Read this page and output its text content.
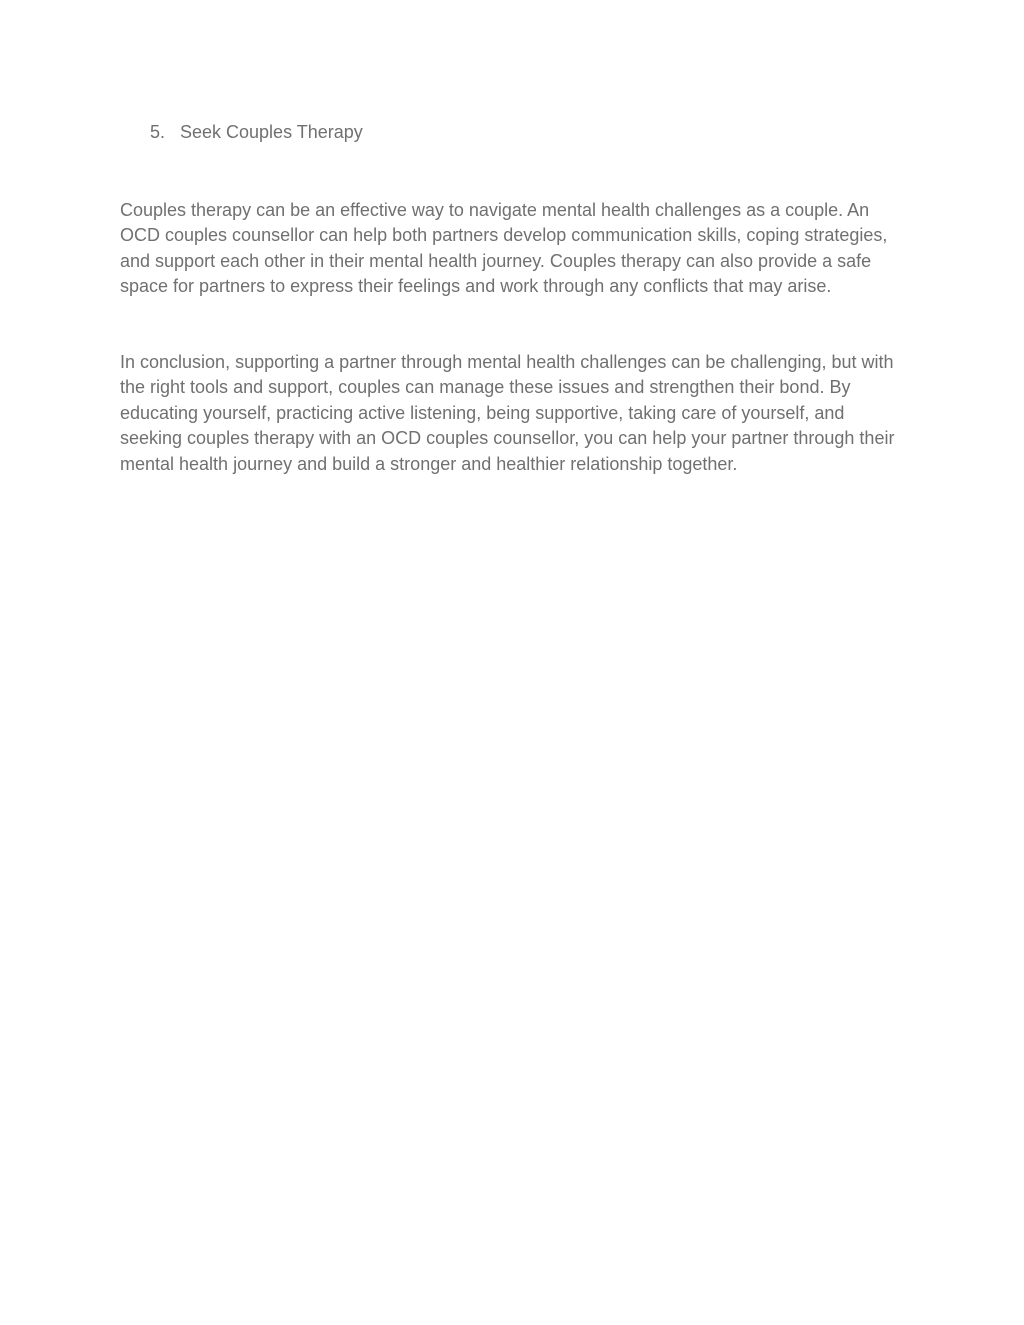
5. Seek Couples Therapy

Couples therapy can be an effective way to navigate mental health challenges as a couple. An OCD couples counsellor can help both partners develop communication skills, coping strategies, and support each other in their mental health journey. Couples therapy can also provide a safe space for partners to express their feelings and work through any conflicts that may arise.

In conclusion, supporting a partner through mental health challenges can be challenging, but with the right tools and support, couples can manage these issues and strengthen their bond. By educating yourself, practicing active listening, being supportive, taking care of yourself, and seeking couples therapy with an OCD couples counsellor, you can help your partner through their mental health journey and build a stronger and healthier relationship together.
